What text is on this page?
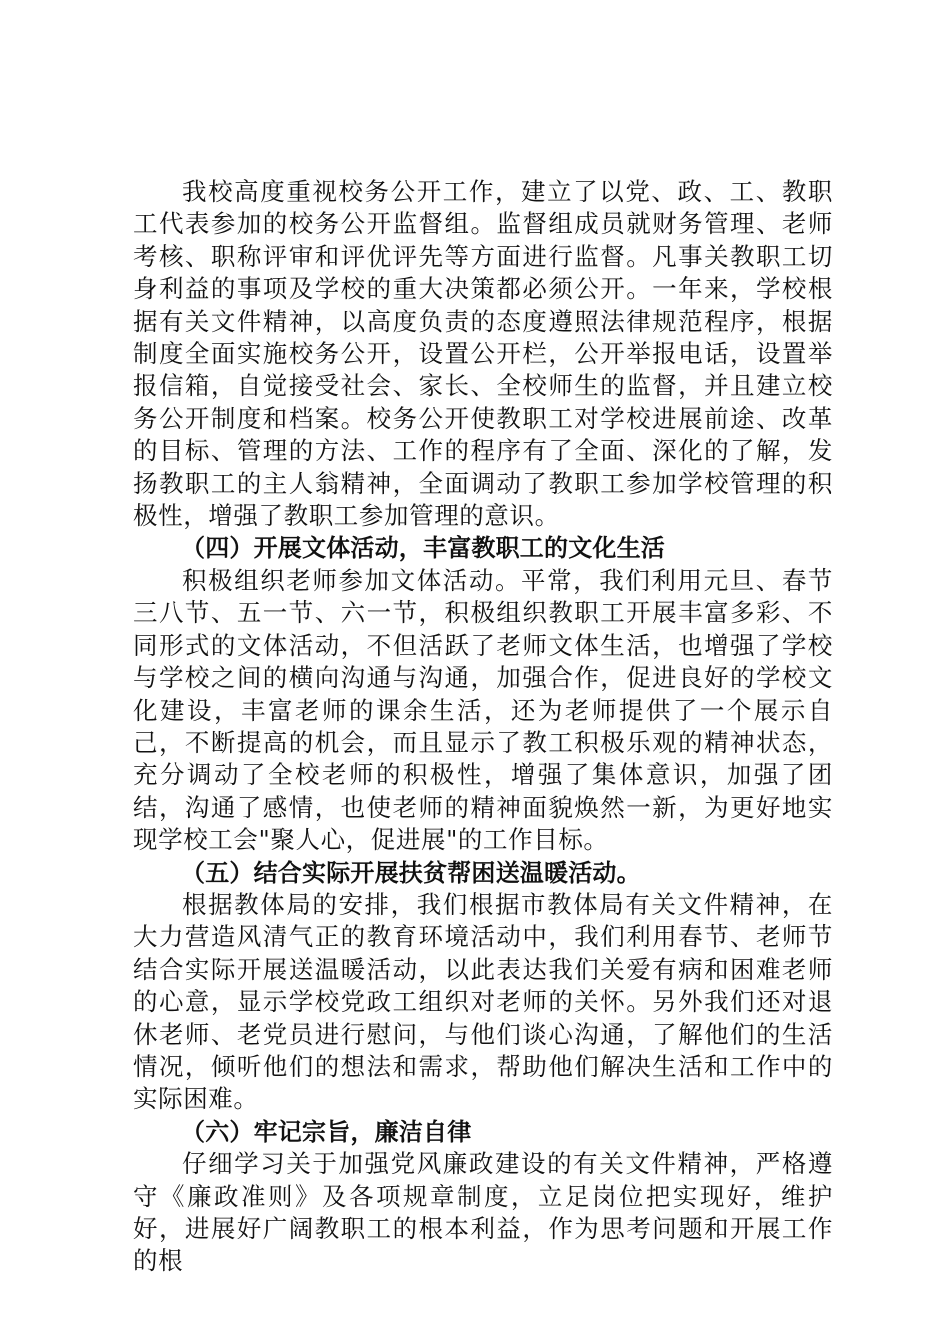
我校高度重视校务公开工作，建立了以党、政、工、教职工代表参加的校务公开监督组。监督组成员就财务管理、老师考核、职称评审和评优评先等方面进行监督。凡事关教职工切身利益的事项及学校的重大决策都必须公开。一年来，学校根据有关文件精神，以高度负责的态度遵照法律规范程序，根据制度全面实施校务公开，设置公开栏，公开举报电话，设置举报信箱，自觉接受社会、家长、全校师生的监督，并且建立校务公开制度和档案。校务公开使教职工对学校进展前途、改革的目标、管理的方法、工作的程序有了全面、深化的了解，发扬教职工的主人翁精神，全面调动了教职工参加学校管理的积极性，增强了教职工参加管理的意识。

（四）开展文体活动，丰富教职工的文化生活

积极组织老师参加文体活动。平常，我们利用元旦、春节三八节、五一节、六一节，积极组织教职工开展丰富多彩、不同形式的文体活动，不但活跃了老师文体生活，也增强了学校与学校之间的横向沟通与沟通，加强合作，促进良好的学校文化建设，丰富老师的课余生活，还为老师提供了一个展示自己，不断提高的机会，而且显示了教工积极乐观的精神状态，充分调动了全校老师的积极性，增强了集体意识，加强了团结，沟通了感情，也使老师的精神面貌焕然一新，为更好地实现学校工会"聚人心，促进展"的工作目标。

（五）结合实际开展扶贫帮困送温暖活动。

根据教体局的安排，我们根据市教体局有关文件精神，在大力营造风清气正的教育环境活动中，我们利用春节、老师节结合实际开展送温暖活动，以此表达我们关爱有病和困难老师的心意，显示学校党政工组织对老师的关怀。另外我们还对退休老师、老党员进行慰问，与他们谈心沟通，了解他们的生活情况，倾听他们的想法和需求，帮助他们解决生活和工作中的实际困难。

（六）牢记宗旨，廉洁自律

仔细学习关于加强党风廉政建设的有关文件精神，严格遵守《廉政准则》及各项规章制度，立足岗位把实现好，维护好，进展好广阔教职工的根本利益，作为思考问题和开展工作的根
